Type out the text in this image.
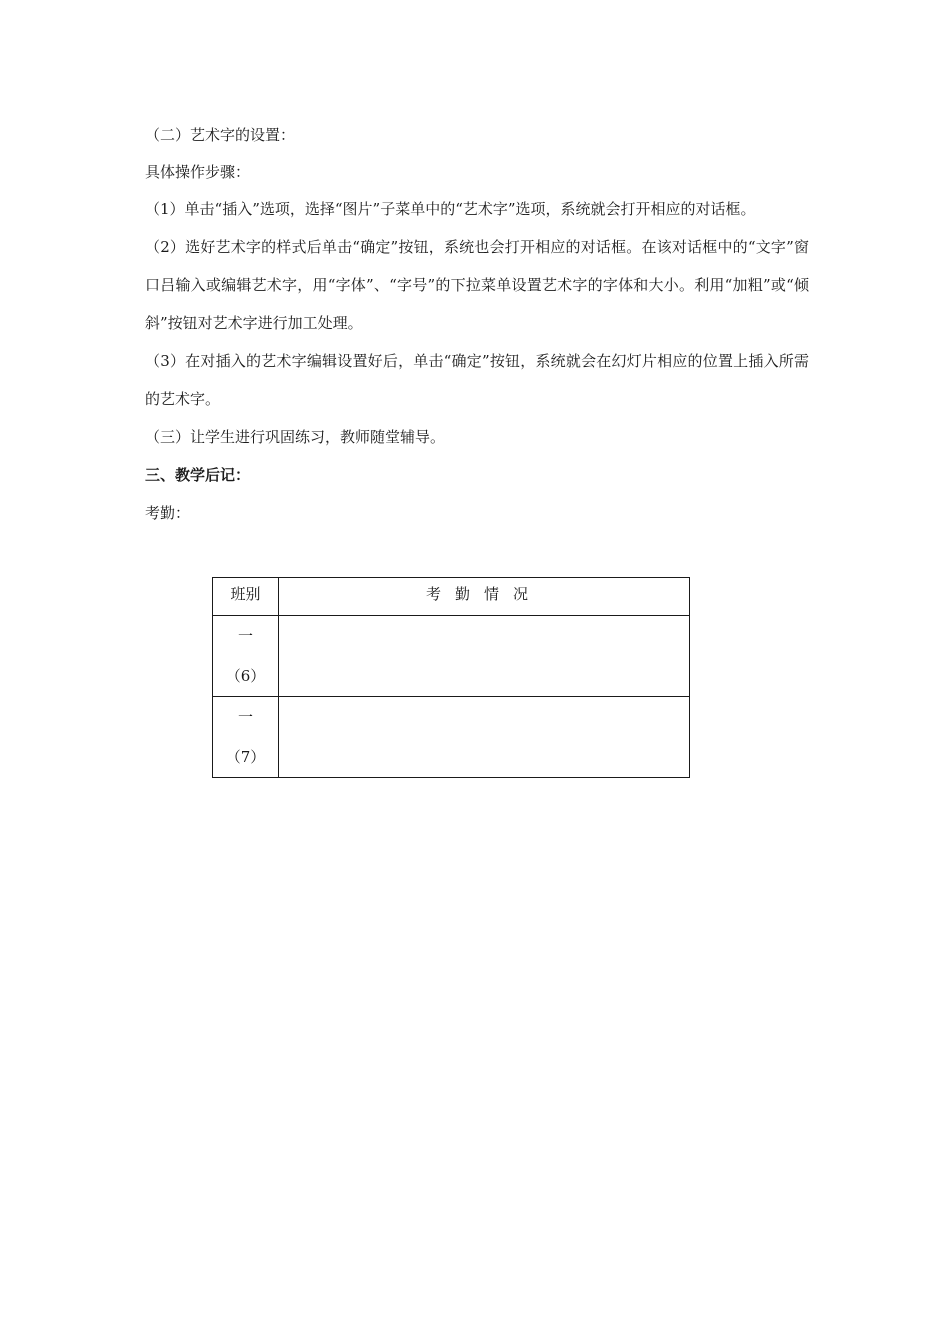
（二）艺术字的设置：

具体操作步骤：

（1）单击“插入”选项，选择“图片”子菜单中的“艺术字”选项，系统就会打开相应的对话框。

（2）选好艺术字的样式后单击“确定”按钮，系统也会打开相应的对话框。在该对话框中的“文字”窗口吕输入或编辑艺术字，用“字体”、“字号”的下拉菜单设置艺术字的字体和大小。利用“加粗”或“倾斜”按钮对艺术字进行加工处理。

（3）在对插入的艺术字编辑设置好后，单击“确定”按钮，系统就会在幻灯片相应的位置上插入所需的艺术字。

（三）让学生进行巩固练习，教师随堂辅导。

三、教学后记：

考勤：

班别	考勤情况

一
（6）	

一
（7）	
